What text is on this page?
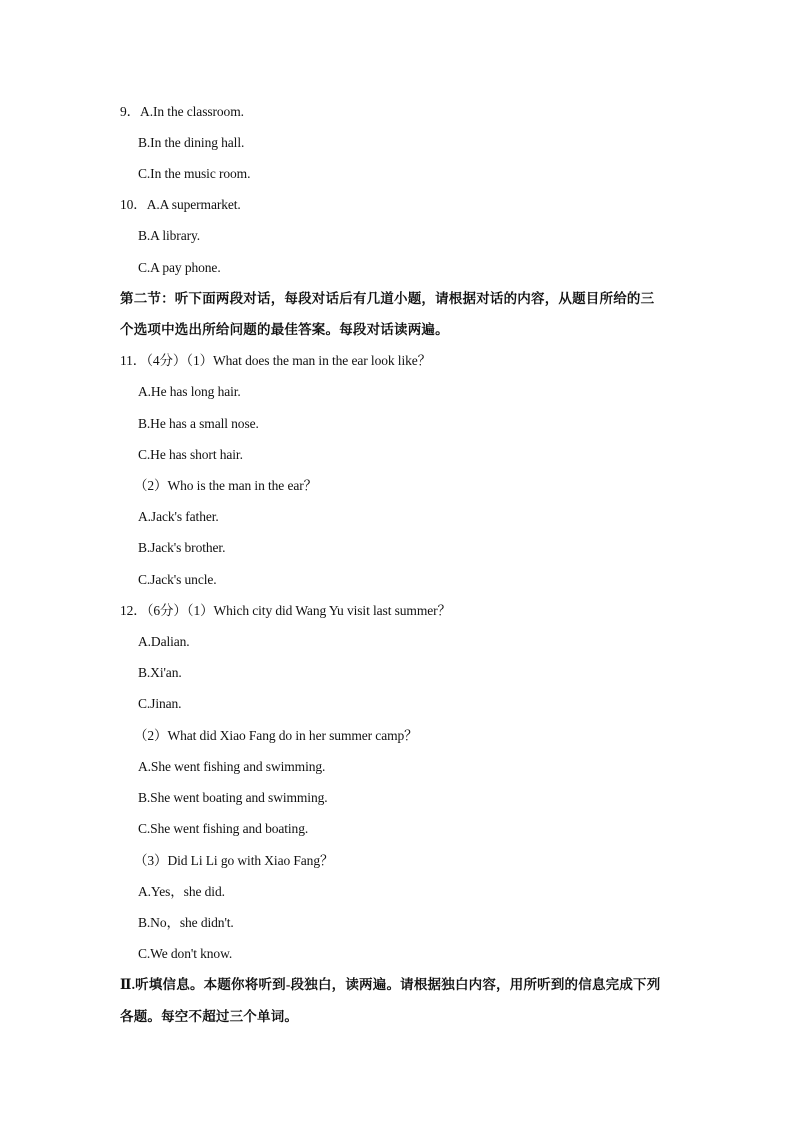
9．A.In the classroom.
B.In the dining hall.
C.In the music room.
10．A.A supermarket.
B.A library.
C.A pay phone.
第二节：听下面两段对话，每段对话后有几道小题，请根据对话的内容，从题目所给的三
个选项中选出所给问题的最佳答案。每段对话读两遍。
11．（4分）（1）What does the man in the ear look like？
A.He has long hair.
B.He has a small nose.
C.He has short hair.
（2）Who is the man in the ear？
A.Jack's father.
B.Jack's brother.
C.Jack's uncle.
12．（6分）（1）Which city did Wang Yu visit last summer？
A.Dalian.
B.Xi'an.
C.Jinan.
（2）What did Xiao Fang do in her summer camp？
A.She went fishing and swimming.
B.She went boating and swimming.
C.She went fishing and boating.
（3）Did Li Li go with Xiao Fang？
A.Yes，she did.
B.No，she didn't.
C.We don't know.
Ⅱ.听填信息。本题你将听到-段独白，读两遍。请根据独白内容，用所听到的信息完成下列
各题。每空不超过三个单词。
